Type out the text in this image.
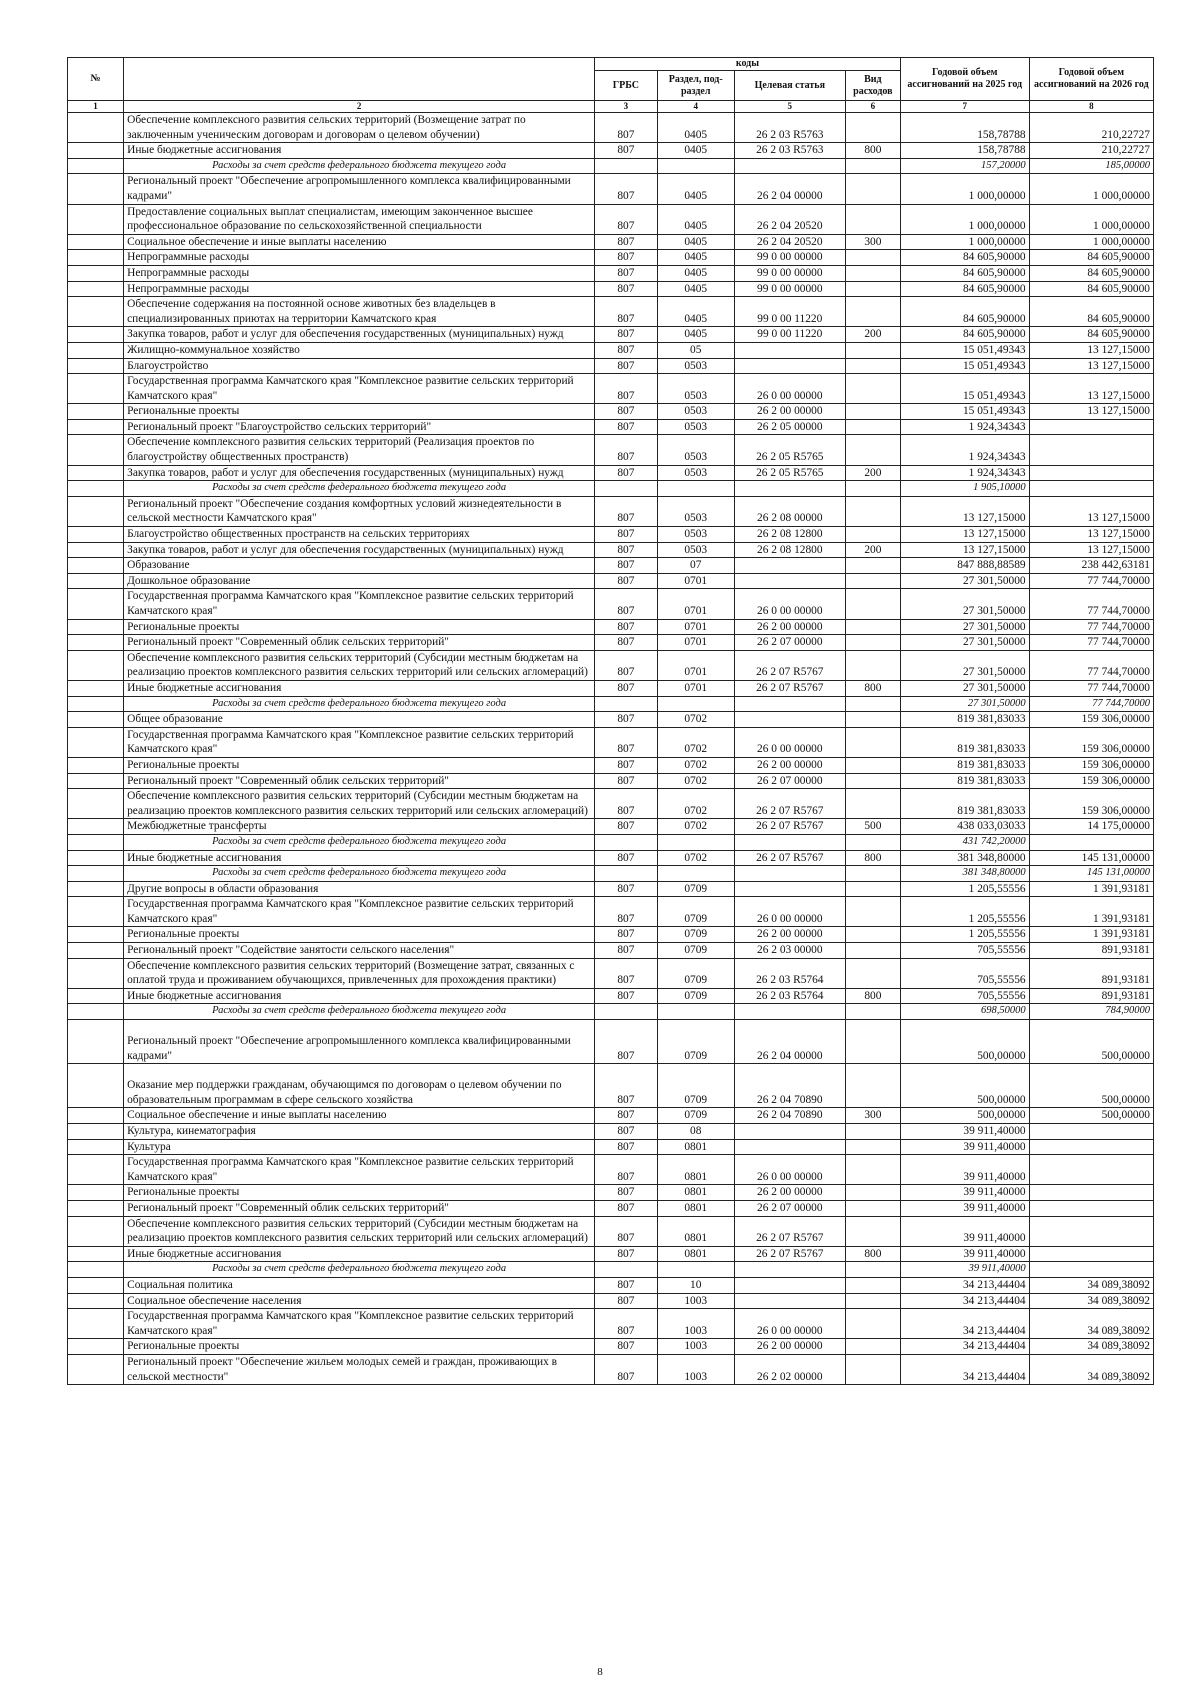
№		коды				Годовой объем ассигнований на 2025 год	Годовой объем ассигнований на 2026 год
		ГРБС	Раздел, под-раздел	Целевая статья	Вид расходов		
1	2	3	4	5	6	7	8
	Обеспечение комплексного развития сельских территорий (Возмещение затрат по заключенным ученическим договорам и договорам о целевом обучении)	807	0405	26 2 03 R5763		158,78788	210,22727
	Иные бюджетные ассигнования	807	0405	26 2 03 R5763	800	158,78788	210,22727
	Расходы за счет средств федерального бюджета текущего года					157,20000	185,00000
	Региональный проект "Обеспечение агропромышленного комплекса квалифицированными кадрами"	807	0405	26 2 04 00000		1 000,00000	1 000,00000
	Предоставление социальных выплат специалистам, имеющим законченное высшее профессиональное образование по сельскохозяйственной специальности	807	0405	26 2 04 20520		1 000,00000	1 000,00000
	Социальное обеспечение и иные выплаты населению	807	0405	26 2 04 20520	300	1 000,00000	1 000,00000
	Непрограммные расходы	807	0405	99 0 00 00000		84 605,90000	84 605,90000
	Непрограммные расходы	807	0405	99 0 00 00000		84 605,90000	84 605,90000
	Непрограммные расходы	807	0405	99 0 00 00000		84 605,90000	84 605,90000
	Обеспечение содержания на постоянной основе животных без владельцев в специализированных приютах на территории Камчатского края	807	0405	99 0 00 11220		84 605,90000	84 605,90000
	Закупка товаров, работ и услуг для обеспечения государственных (муниципальных) нужд	807	0405	99 0 00 11220	200	84 605,90000	84 605,90000
	Жилищно-коммунальное хозяйство	807	05			15 051,49343	13 127,15000
	Благоустройство	807	0503			15 051,49343	13 127,15000
	Государственная программа Камчатского края "Комплексное развитие сельских территорий Камчатского края"	807	0503	26 0 00 00000		15 051,49343	13 127,15000
	Региональные проекты	807	0503	26 2 00 00000		15 051,49343	13 127,15000
	Региональный проект "Благоустройство сельских территорий"	807	0503	26 2 05 00000		1 924,34343	
	Обеспечение комплексного развития сельских территорий (Реализация проектов по благоустройству общественных пространств)	807	0503	26 2 05 R5765		1 924,34343	
	Закупка товаров, работ и услуг для обеспечения государственных (муниципальных) нужд	807	0503	26 2 05 R5765	200	1 924,34343	
	Расходы за счет средств федерального бюджета текущего года					1 905,10000	
	Региональный проект "Обеспечение создания комфортных условий жизнедеятельности в сельской местности Камчатского края"	807	0503	26 2 08 00000		13 127,15000	13 127,15000
	Благоустройство общественных пространств на сельских территориях	807	0503	26 2 08 12800		13 127,15000	13 127,15000
	Закупка товаров, работ и услуг для обеспечения государственных (муниципальных) нужд	807	0503	26 2 08 12800	200	13 127,15000	13 127,15000
	Образование	807	07			847 888,88589	238 442,63181
	Дошкольное образование	807	0701			27 301,50000	77 744,70000
	Государственная программа Камчатского края "Комплексное развитие сельских территорий Камчатского края"	807	0701	26 0 00 00000		27 301,50000	77 744,70000
	Региональные проекты	807	0701	26 2 00 00000		27 301,50000	77 744,70000
	Региональный проект "Современный облик сельских территорий"	807	0701	26 2 07 00000		27 301,50000	77 744,70000
	Обеспечение комплексного развития сельских территорий (Субсидии местным бюджетам на реализацию проектов комплексного развития сельских территорий или сельских агломераций)	807	0701	26 2 07 R5767		27 301,50000	77 744,70000
	Иные бюджетные ассигнования	807	0701	26 2 07 R5767	800	27 301,50000	77 744,70000
	Расходы за счет средств федерального бюджета текущего года					27 301,50000	77 744,70000
	Общее образование	807	0702			819 381,83033	159 306,00000
	Государственная программа Камчатского края "Комплексное развитие сельских территорий Камчатского края"	807	0702	26 0 00 00000		819 381,83033	159 306,00000
	Региональные проекты	807	0702	26 2 00 00000		819 381,83033	159 306,00000
	Региональный проект "Современный облик сельских территорий"	807	0702	26 2 07 00000		819 381,83033	159 306,00000
	Обеспечение комплексного развития сельских территорий (Субсидии местным бюджетам на реализацию проектов комплексного развития сельских территорий или сельских агломераций)	807	0702	26 2 07 R5767		819 381,83033	159 306,00000
	Межбюджетные трансферты	807	0702	26 2 07 R5767	500	438 033,03033	14 175,00000
	Расходы за счет средств федерального бюджета текущего года					431 742,20000	
	Иные бюджетные ассигнования	807	0702	26 2 07 R5767	800	381 348,80000	145 131,00000
	Расходы за счет средств федерального бюджета текущего года					381 348,80000	145 131,00000
	Другие вопросы в области образования	807	0709			1 205,55556	1 391,93181
	Государственная программа Камчатского края "Комплексное развитие сельских территорий Камчатского края"	807	0709	26 0 00 00000		1 205,55556	1 391,93181
	Региональные проекты	807	0709	26 2 00 00000		1 205,55556	1 391,93181
	Региональный проект "Содействие занятости сельского населения"	807	0709	26 2 03 00000		705,55556	891,93181
	Обеспечение комплексного развития сельских территорий (Возмещение затрат, связанных с оплатой труда и проживанием обучающихся, привлеченных для прохождения практики)	807	0709	26 2 03 R5764		705,55556	891,93181
	Иные бюджетные ассигнования	807	0709	26 2 03 R5764	800	705,55556	891,93181
	Расходы за счет средств федерального бюджета текущего года					698,50000	784,90000
	Региональный проект "Обеспечение агропромышленного комплекса квалифицированными кадрами"	807	0709	26 2 04 00000		500,00000	500,00000
	Оказание мер поддержки гражданам, обучающимся по договорам о целевом обучении по образовательным программам в сфере сельского хозяйства	807	0709	26 2 04 70890		500,00000	500,00000
	Социальное обеспечение и иные выплаты населению	807	0709	26 2 04 70890	300	500,00000	500,00000
	Культура, кинематография	807	08			39 911,40000	
	Культура	807	0801			39 911,40000	
	Государственная программа Камчатского края "Комплексное развитие сельских территорий Камчатского края"	807	0801	26 0 00 00000		39 911,40000	
	Региональные проекты	807	0801	26 2 00 00000		39 911,40000	
	Региональный проект "Современный облик сельских территорий"	807	0801	26 2 07 00000		39 911,40000	
	Обеспечение комплексного развития сельских территорий (Субсидии местным бюджетам на реализацию проектов комплексного развития сельских территорий или сельских агломераций)	807	0801	26 2 07 R5767		39 911,40000	
	Иные бюджетные ассигнования	807	0801	26 2 07 R5767	800	39 911,40000	
	Расходы за счет средств федерального бюджета текущего года					39 911,40000	
	Социальная политика	807	10			34 213,44404	34 089,38092
	Социальное обеспечение населения	807	1003			34 213,44404	34 089,38092
	Государственная программа Камчатского края "Комплексное развитие сельских территорий Камчатского края"	807	1003	26 0 00 00000		34 213,44404	34 089,38092
	Региональные проекты	807	1003	26 2 00 00000		34 213,44404	34 089,38092
	Региональный проект "Обеспечение жильем молодых семей и граждан, проживающих в сельской местности"	807	1003	26 2 02 00000		34 213,44404	34 089,38092
8
